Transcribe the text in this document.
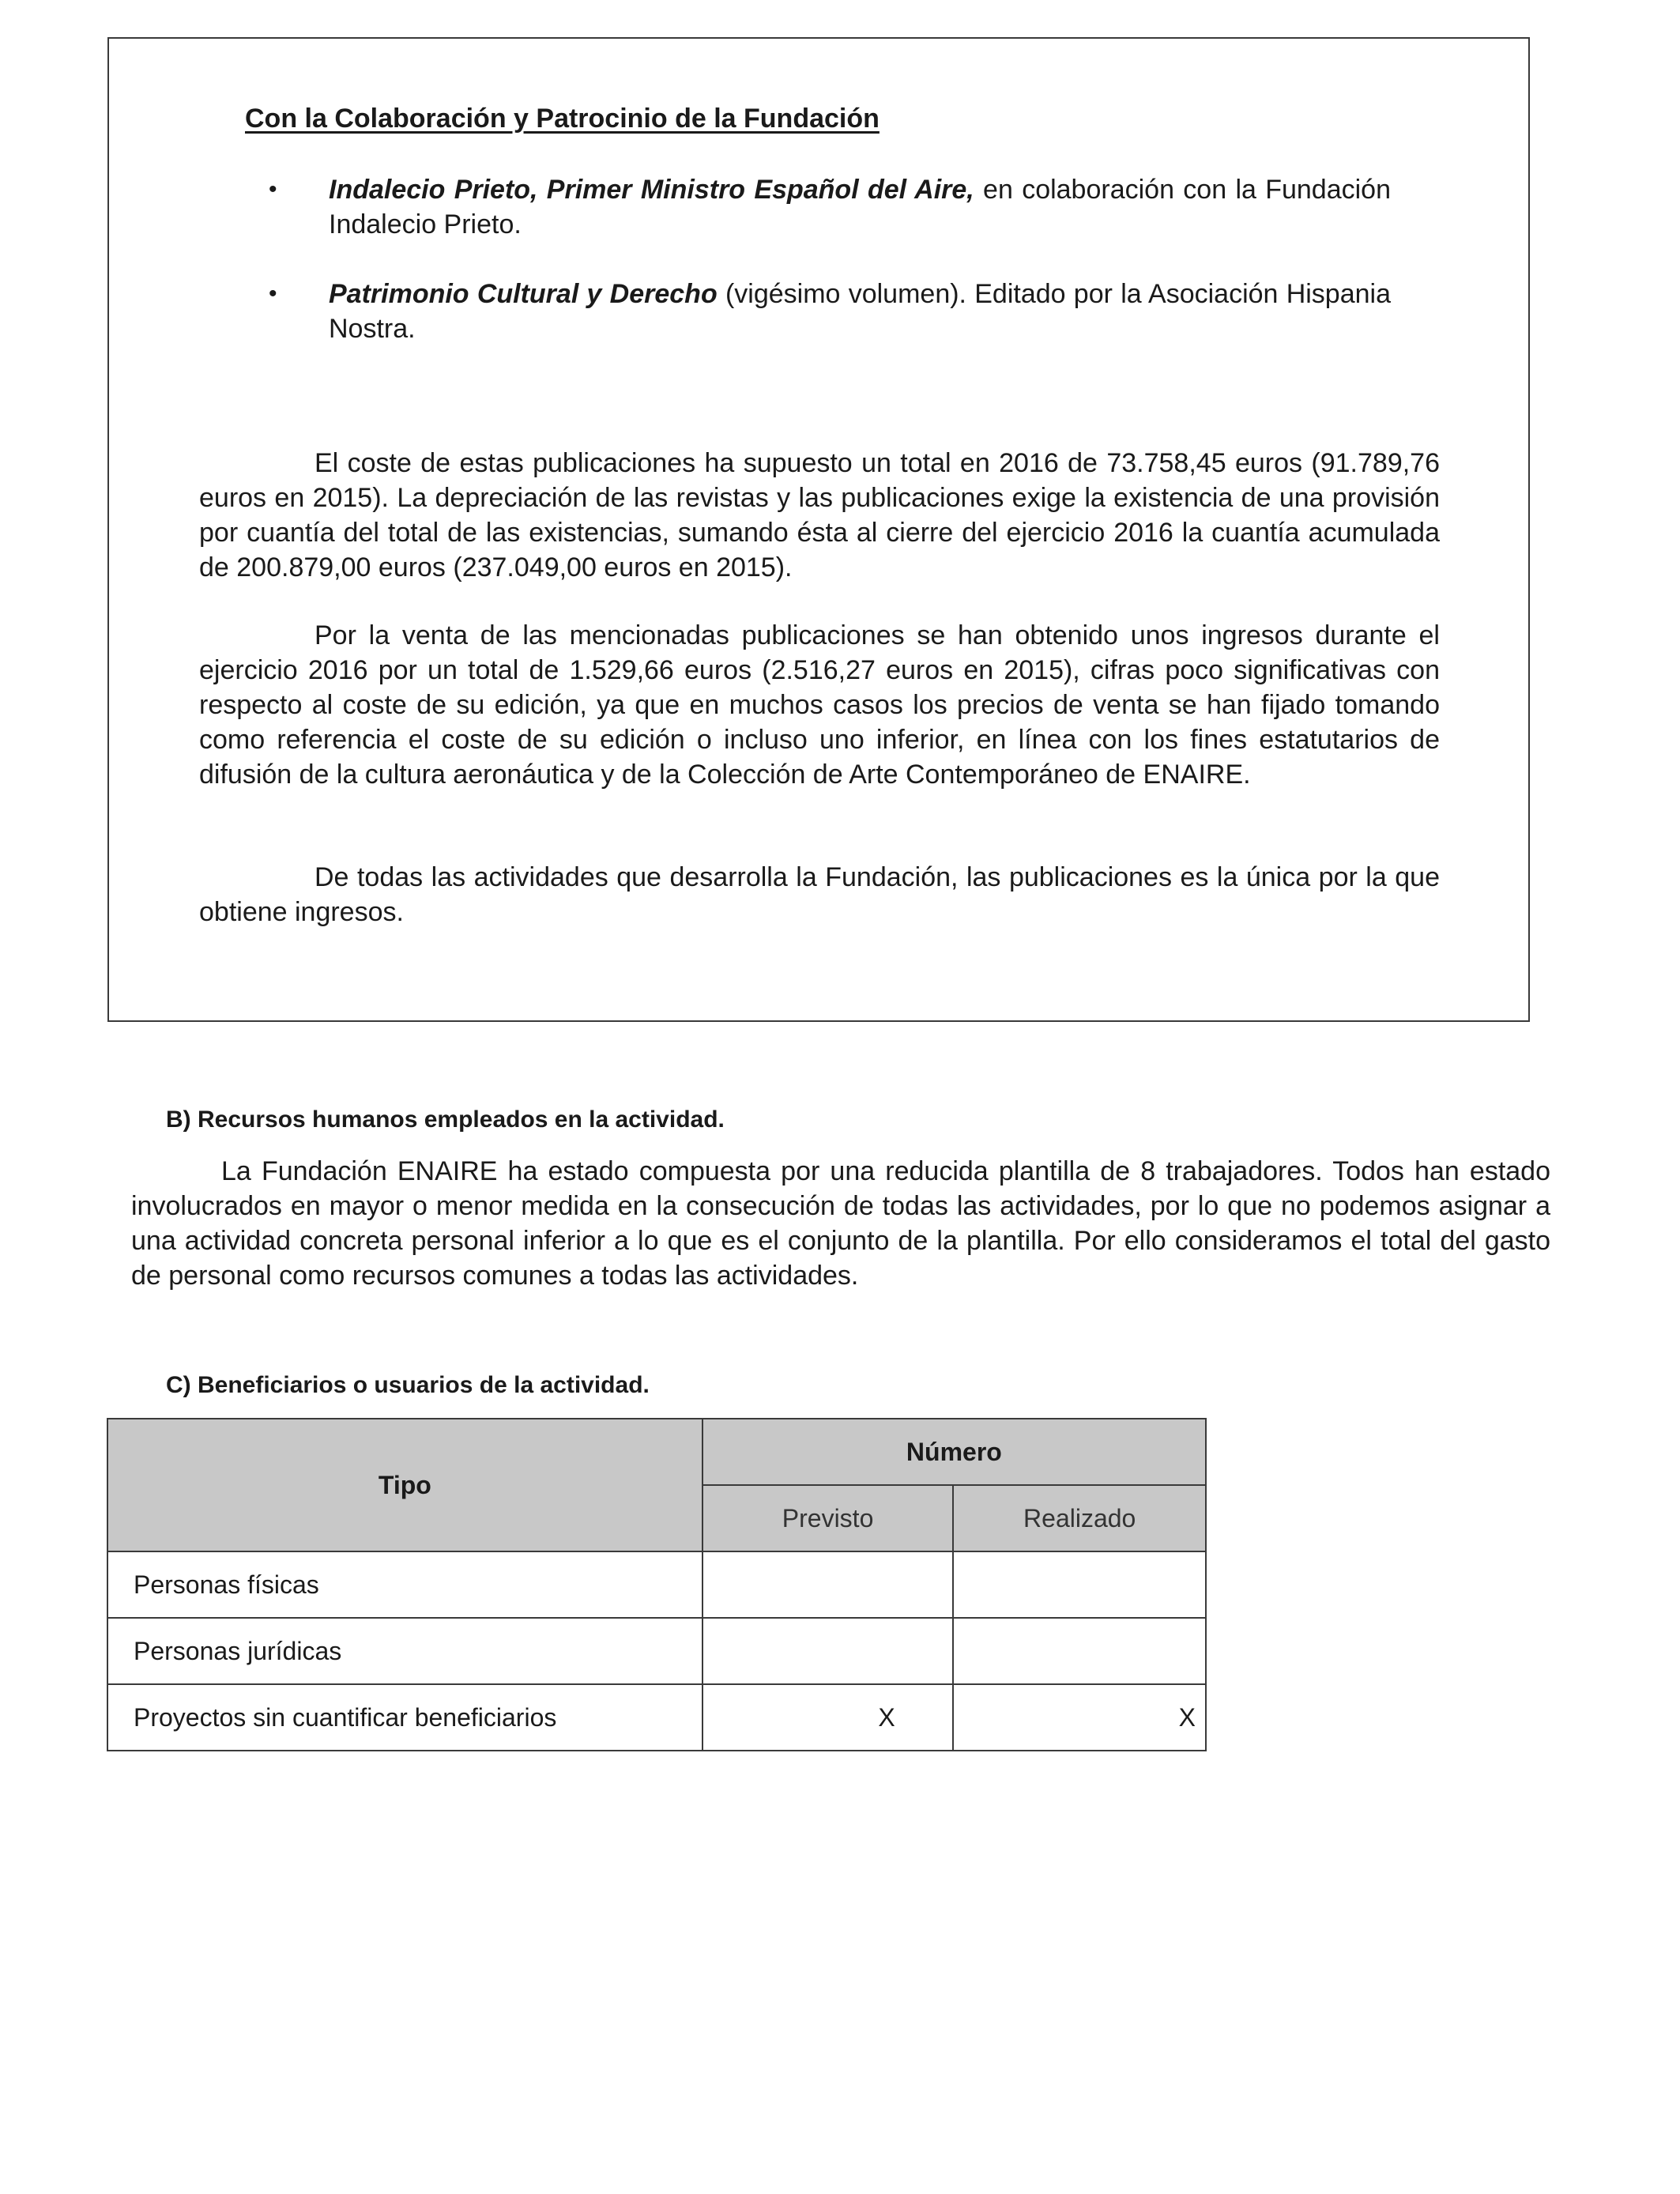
Con la Colaboración y Patrocinio de la Fundación

• Indalecio Prieto, Primer Ministro Español del Aire, en colaboración con la Fundación Indalecio Prieto.
• Patrimonio Cultural y Derecho (vigésimo volumen). Editado por la Asociación Hispania Nostra.

El coste de estas publicaciones ha supuesto un total en 2016 de 73.758,45 euros (91.789,76 euros en 2015). La depreciación de las revistas y las publicaciones exige la existencia de una provisión por cuantía del total de las existencias, sumando ésta al cierre del ejercicio 2016 la cuantía acumulada de 200.879,00 euros (237.049,00 euros en 2015).

Por la venta de las mencionadas publicaciones se han obtenido unos ingresos durante el ejercicio 2016 por un total de 1.529,66 euros (2.516,27 euros en 2015), cifras poco significativas con respecto al coste de su edición, ya que en muchos casos los precios de venta se han fijado tomando como referencia el coste de su edición o incluso uno inferior, en línea con los fines estatutarios de difusión de la cultura aeronáutica y de la Colección de Arte Contemporáneo de ENAIRE.

De todas las actividades que desarrolla la Fundación, las publicaciones es la única por la que obtiene ingresos.

B) Recursos humanos empleados en la actividad.

La Fundación ENAIRE ha estado compuesta por una reducida plantilla de 8 trabajadores. Todos han estado involucrados en mayor o menor medida en la consecución de todas las actividades, por lo que no podemos asignar a una actividad concreta personal inferior a lo que es el conjunto de la plantilla. Por ello consideramos el total del gasto de personal como recursos comunes a todas las actividades.

C) Beneficiarios o usuarios de la actividad.

Tipo	Número	
	Previsto	Realizado
Personas físicas		
Personas jurídicas		
Proyectos sin cuantificar beneficiarios	X	X
